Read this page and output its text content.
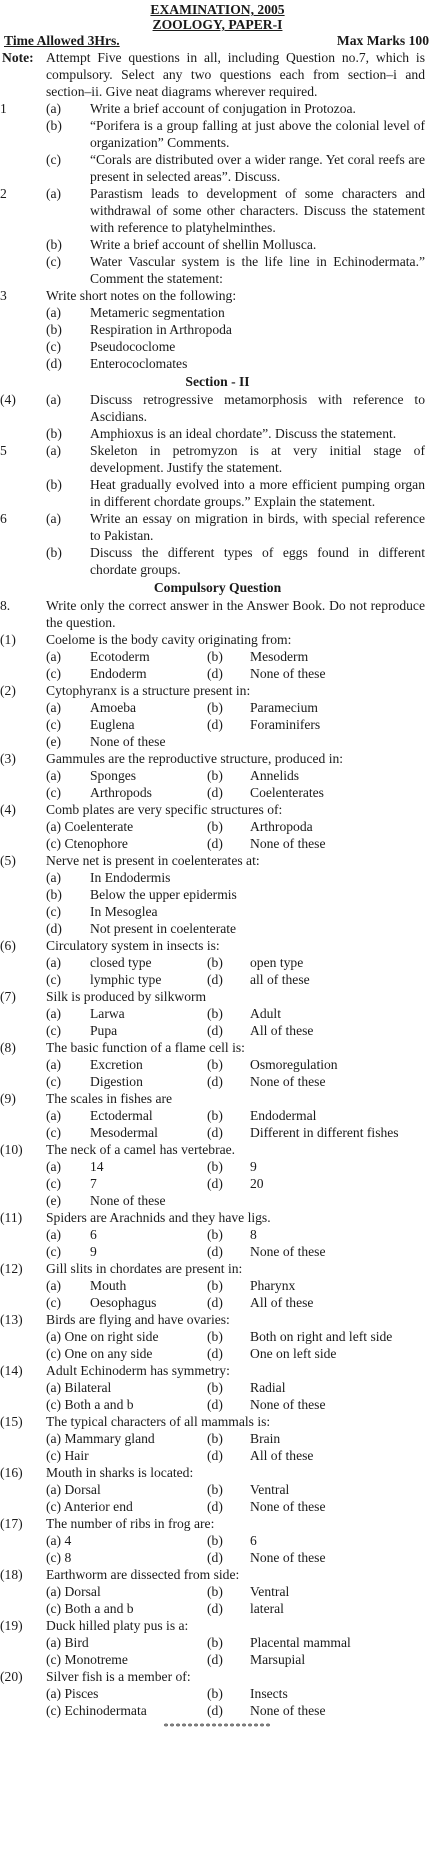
EXAMINATION, 2005
ZOOLOGY, PAPER-I
Time Allowed 3Hrs.	Max Marks 100
Note: Attempt Five questions in all, including Question no.7, which is compulsory. Select any two questions each from section–i and section–ii. Give neat diagrams wherever required.
1	(a) Write a brief account of conjugation in Protozoa.
(b) “Porifera is a group falling at just above the colonial level of organization” Comments.
(c) “Corals are distributed over a wider range. Yet coral reefs are present in selected areas”. Discuss.
2	(a) Parastism leads to development of some characters and withdrawal of some other characters. Discuss the statement with reference to platyhelminthes.
(b) Write a brief account of shellin Mollusca.
(c) Water Vascular system is the life line in Echinodermata.” Comment the statement:
3	Write short notes on the following:
(a) Metameric segmentation
(b) Respiration in Arthropoda
(c) Pseudococlome
(d) Enterococlomates
Section - II
(4)	(a) Discuss retrogressive metamorphosis with reference to Ascidians.
(b) Amphioxus is an ideal chordate”. Discuss the statement.
5	(a) Skeleton in petromyzon is at very initial stage of development. Justify the statement.
(b) Heat gradually evolved into a more efficient pumping organ in different chordate groups.” Explain the statement.
6	(a) Write an essay on migration in birds, with special reference to Pakistan.
(b) Discuss the different types of eggs found in different chordate groups.
Compulsory Question
8.	Write only the correct answer in the Answer Book. Do not reproduce the question.
(1)	Coelome is the body cavity originating from:
(a) Ecotoderm	(b) Mesoderm
(c) Endoderm	(d) None of these
(2)	Cytophyranx is a structure present in:
(a) Amoeba	(b) Paramecium
(c) Euglena	(d) Foraminifers
(e) None of these
(3)	Gammules are the reproductive structure, produced in:
(a) Sponges	(b) Annelids
(c) Arthropods	(d) Coelenterates
(4)	Comb plates are very specific structures of:
(a) Coelenterate	(b) Arthropoda
(c) Ctenophore	(d) None of these
(5)	Nerve net is present in coelenterates at:
(a) In Endodermis
(b) Below the upper epidermis
(c) In Mesoglea
(d) Not present in coelenterate
(6)	Circulatory system in insects is:
(a) closed type	(b) open type
(c) lymphic type	(d) all of these
(7)	Silk is produced by silkworm
(a) Larwa	(b) Adult
(c) Pupa	(d) All of these
(8)	The basic function of a flame cell is:
(a) Excretion	(b) Osmoregulation
(c) Digestion	(d) None of these
(9)	The scales in fishes are
(a) Ectodermal	(b) Endodermal
(c) Mesodermal	(d) Different in different fishes
(10)	The neck of a camel has vertebrae.
(a) 14	(b) 9
(c) 7	(d) 20
(e) None of these
(11)	Spiders are Arachnids and they have ligs.
(a) 6	(b) 8
(c) 9	(d) None of these
(12)	Gill slits in chordates are present in:
(a) Mouth	(b) Pharynx
(c) Oesophagus	(d) All of these
(13)	Birds are flying and have ovaries:
(a) One on right side	(b) Both on right and left side
(c) One on any side	(d) One on left side
(14)	Adult Echinoderm has symmetry:
(a) Bilateral	(b) Radial
(c) Both a and b	(d) None of these
(15)	The typical characters of all mammals is:
(a) Mammary gland	(b) Brain
(c) Hair	(d) All of these
(16)	Mouth in sharks is located:
(a) Dorsal	(b) Ventral
(c) Anterior end	(d) None of these
(17)	The number of ribs in frog are:
(a) 4	(b) 6
(c) 8	(d) None of these
(18)	Earthworm are dissected from side:
(a) Dorsal	(b) Ventral
(c) Both a and b	(d) lateral
(19)	Duck hilled platy pus is a:
(a) Bird	(b) Placental mammal
(c) Monotreme	(d) Marsupial
(20)	Silver fish is a member of:
(a) Pisces	(b) Insects
(c) Echinodermata	(d) None of these
******************
